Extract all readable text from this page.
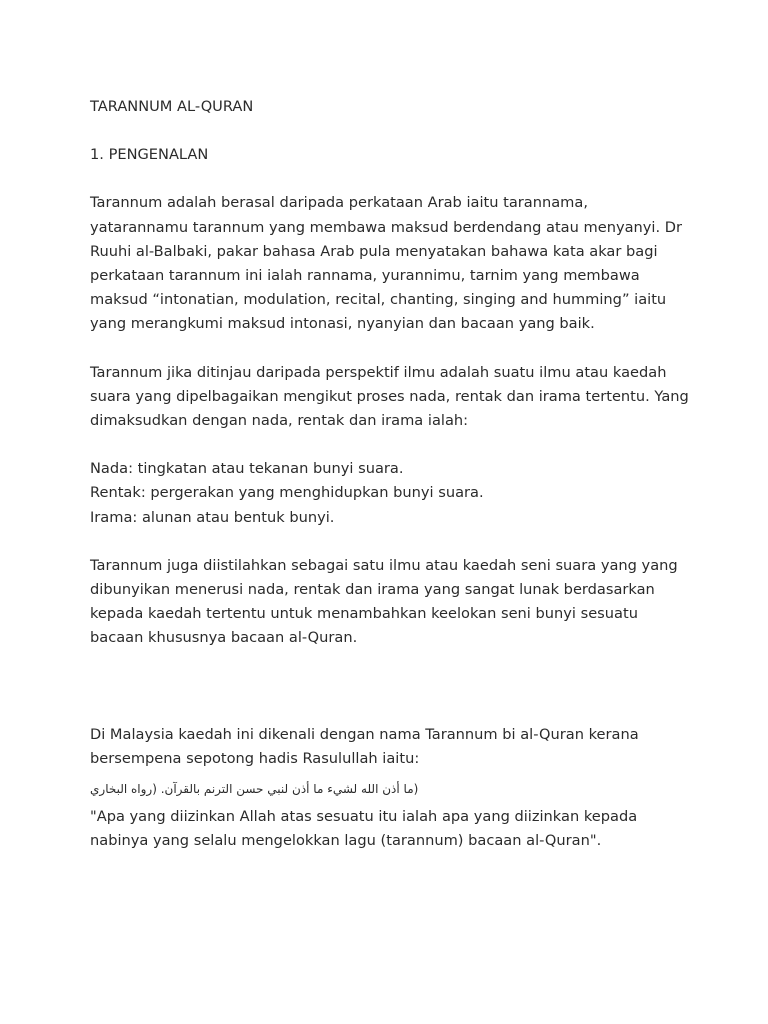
TARANNUM AL-QURAN

1. PENGENALAN

Tarannum adalah berasal daripada perkataan Arab iaitu tarannama, yatarannamu tarannum yang membawa maksud berdendang atau menyanyi. Dr Ruuhi al-Balbaki, pakar bahasa Arab pula menyatakan bahawa kata akar bagi perkataan tarannum ini ialah rannama, yurannimu, tarnim yang membawa maksud “intonatian, modulation, recital, chanting, singing and humming” iaitu yang merangkumi maksud intonasi, nyanyian dan bacaan yang baik.

Tarannum jika ditinjau daripada perspektif ilmu adalah suatu ilmu atau kaedah suara yang dipelbagaikan mengikut proses nada, rentak dan irama tertentu. Yang dimaksudkan dengan nada, rentak dan irama ialah:

Nada: tingkatan atau tekanan bunyi suara.

Rentak: pergerakan yang menghidupkan bunyi suara.

Irama: alunan atau bentuk bunyi.

Tarannum juga diistilahkan sebagai satu ilmu atau kaedah seni suara yang yang dibunyikan menerusi nada, rentak dan irama yang sangat lunak berdasarkan kepada kaedah tertentu untuk menambahkan keelokan seni bunyi sesuatu bacaan khususnya bacaan al-Quran.

Di Malaysia kaedah ini dikenali dengan nama Tarannum bi al-Quran kerana bersempena sepotong hadis Rasulullah iaitu:

(ما أذن الله لشيء ما أذن لنبي حسن الترنم بالقرآن. (رواه البخاري

"Apa yang diizinkan Allah atas sesuatu itu ialah apa yang diizinkan kepada nabinya yang selalu mengelokkan lagu (tarannum) bacaan al-Quran".
